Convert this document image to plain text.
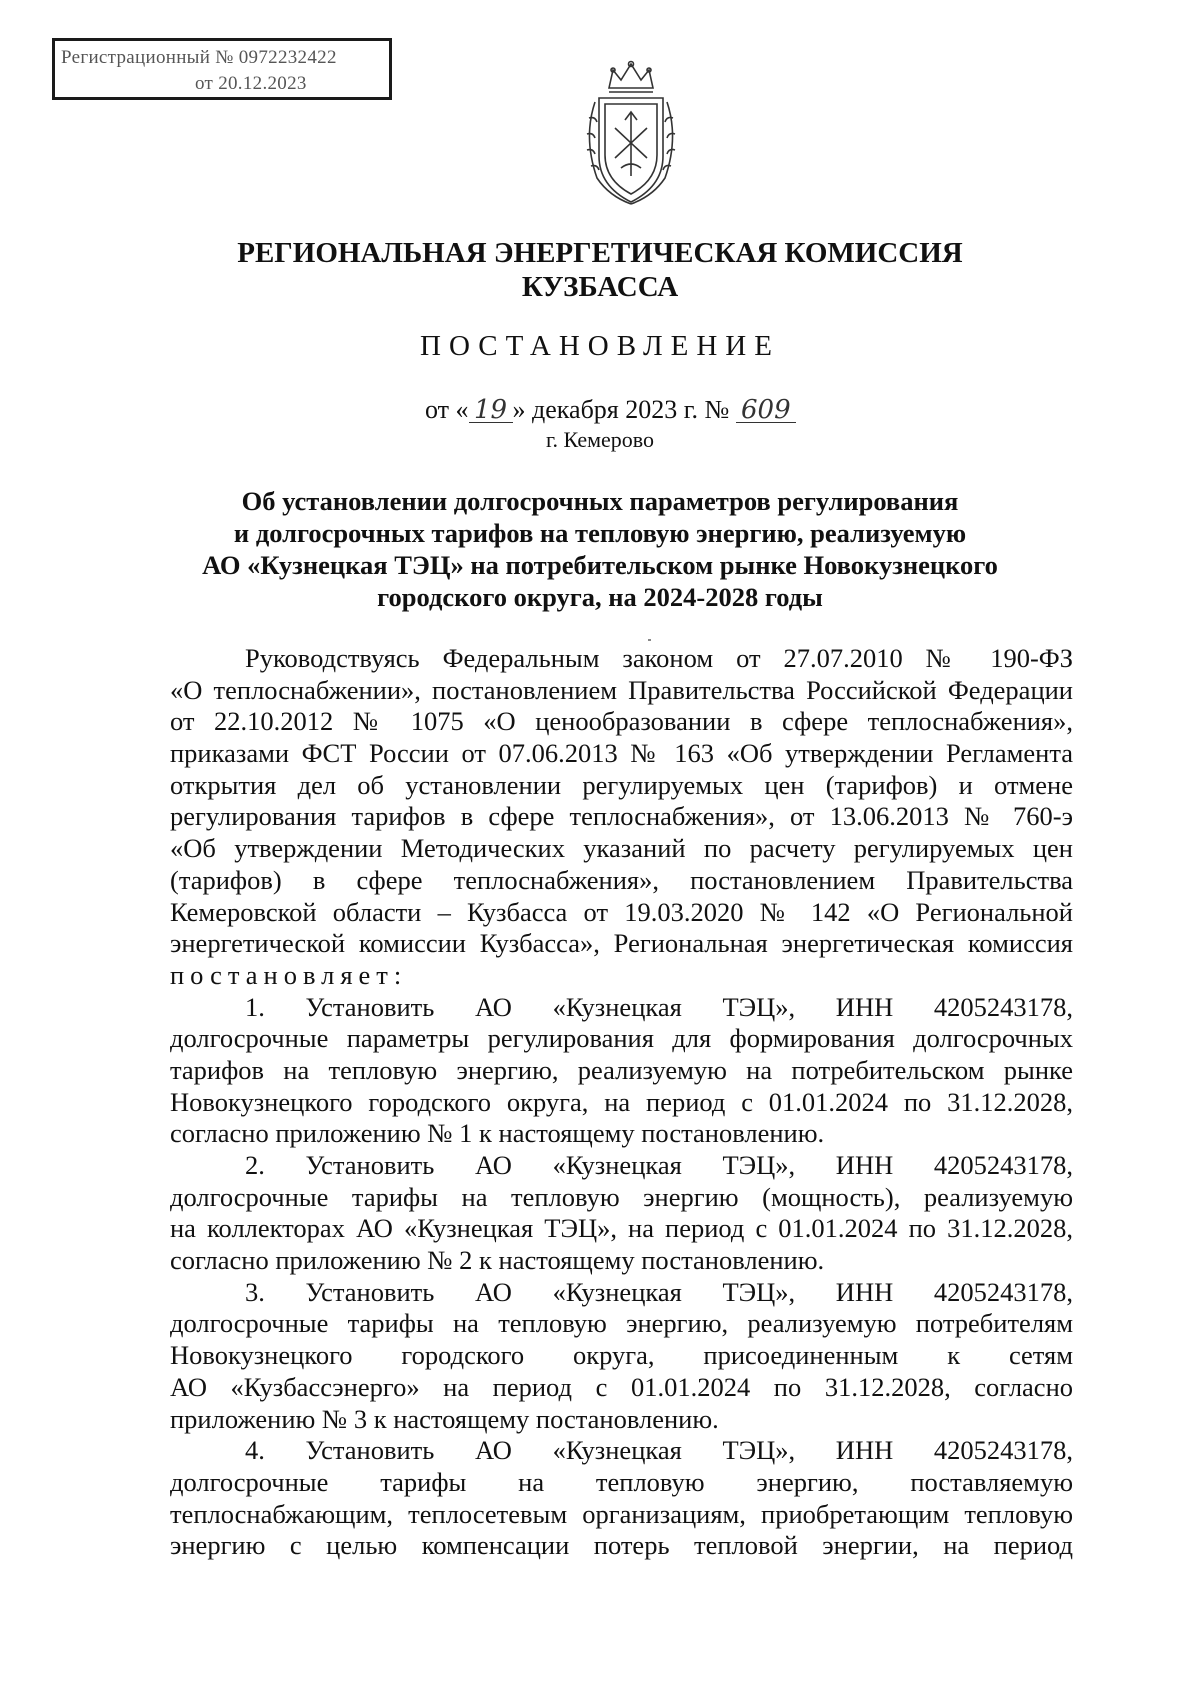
Регистрационный № 0972232422
от 20.12.2023
РЕГИОНАЛЬНАЯ ЭНЕРГЕТИЧЕСКАЯ КОМИССИЯ
КУЗБАССА
ПОСТАНОВЛЕНИЕ
от « 19 » декабря 2023 г. № 609
г. Кемерово
Об установлении долгосрочных параметров регулирования
и долгосрочных тарифов на тепловую энергию, реализуемую
АО «Кузнецкая ТЭЦ» на потребительском рынке Новокузнецкого
городского округа, на 2024-2028 годы
Руководствуясь Федеральным законом от 27.07.2010 № 190-ФЗ
«О теплоснабжении», постановлением Правительства Российской Федерации
от 22.10.2012 № 1075 «О ценообразовании в сфере теплоснабжения»,
приказами ФСТ России от 07.06.2013 № 163 «Об утверждении Регламента
открытия дел об установлении регулируемых цен (тарифов) и отмене
регулирования тарифов в сфере теплоснабжения», от 13.06.2013 № 760-э
«Об утверждении Методических указаний по расчету регулируемых цен
(тарифов) в сфере теплоснабжения», постановлением Правительства
Кемеровской области – Кузбасса от 19.03.2020 № 142 «О Региональной
энергетической комиссии Кузбасса», Региональная энергетическая комиссия
постановляет:
1. Установить АО «Кузнецкая ТЭЦ», ИНН 4205243178,
долгосрочные параметры регулирования для формирования долгосрочных
тарифов на тепловую энергию, реализуемую на потребительском рынке
Новокузнецкого городского округа, на период с 01.01.2024 по 31.12.2028,
согласно приложению № 1 к настоящему постановлению.
2. Установить АО «Кузнецкая ТЭЦ», ИНН 4205243178,
долгосрочные тарифы на тепловую энергию (мощность), реализуемую
на коллекторах АО «Кузнецкая ТЭЦ», на период с 01.01.2024 по 31.12.2028,
согласно приложению № 2 к настоящему постановлению.
3. Установить АО «Кузнецкая ТЭЦ», ИНН 4205243178,
долгосрочные тарифы на тепловую энергию, реализуемую потребителям
Новокузнецкого городского округа, присоединенным к сетям
АО «Кузбассэнерго» на период с 01.01.2024 по 31.12.2028, согласно
приложению № 3 к настоящему постановлению.
4. Установить АО «Кузнецкая ТЭЦ», ИНН 4205243178,
долгосрочные тарифы на тепловую энергию, поставляемую
теплоснабжающим, теплосетевым организациям, приобретающим тепловую
энергию с целью компенсации потерь тепловой энергии, на период
